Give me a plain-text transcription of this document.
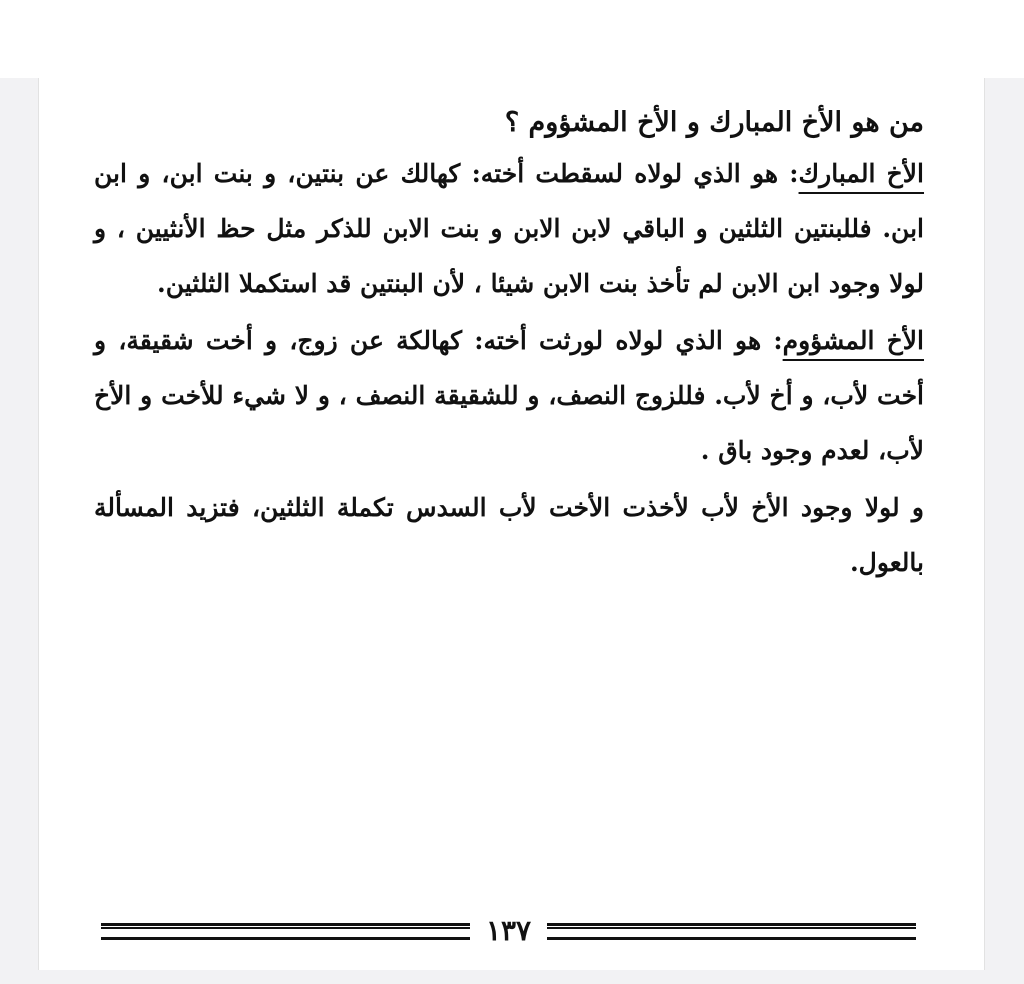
من هو الأخ المبارك و الأخ المشؤوم ؟

الأخ المبارك: هو الذي لولاه لسقطت أخته: كهالك عن بنتين، و بنت ابن، و ابن ابن. فللبنتين الثلثين و الباقي لابن الابن و بنت الابن للذكر مثل حظ الأنثيين ، و لولا وجود ابن الابن لم تأخذ بنت الابن شيئا ، لأن البنتين قد استكملا الثلثين.

الأخ المشؤوم: هو الذي لولاه لورثت أخته: كهالكة عن زوج، و أخت شقيقة، و أخت لأب، و أخ لأب. فللزوج النصف، و للشقيقة النصف ، و لا شيء للأخت و الأخ لأب، لعدم وجود باق .

و لولا وجود الأخ لأب لأخذت الأخت لأب السدس تكملة الثلثين، فتزيد المسألة بالعول.

١٣٧
